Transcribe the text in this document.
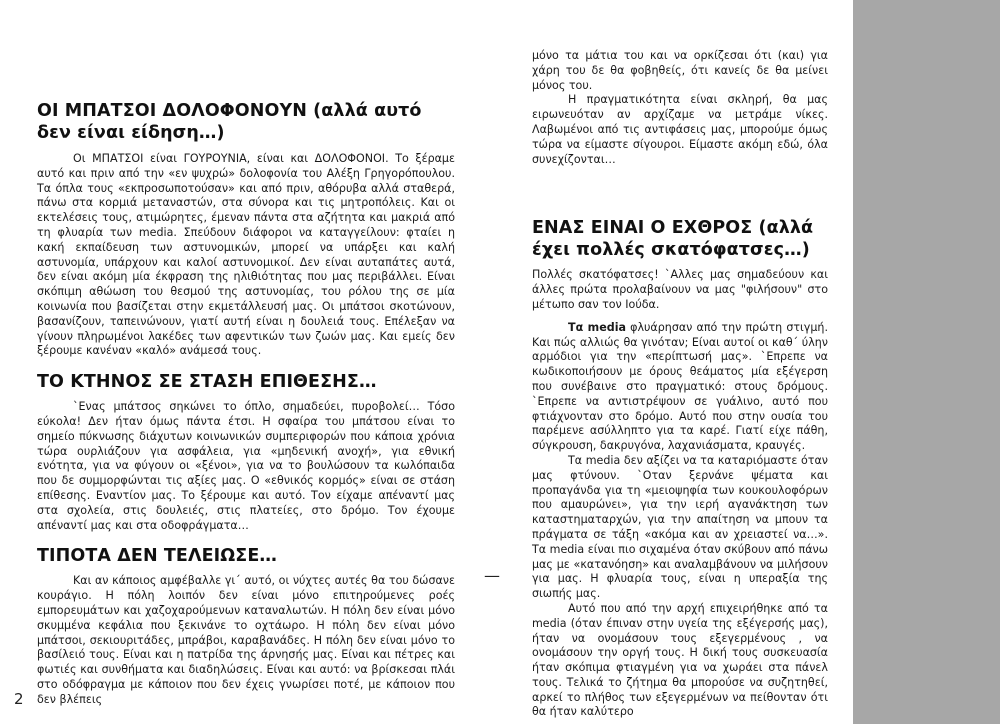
ΟΙ ΜΠΑΤΣΟΙ ΔΟΛΟΦΟΝΟΥΝ (αλλά αυτό δεν είναι είδηση…)

Οι ΜΠΑΤΣΟΙ είναι ΓΟΥΡΟΥΝΙΑ, είναι και ΔΟΛΟΦΟΝΟΙ. Το ξέραμε αυτό και πριν από την «εν ψυχρώ» δολοφονία του Αλέξη Γρηγορόπουλου. Τα όπλα τους «εκπροσωποτούσαν» και από πριν, αθόρυβα αλλά σταθερά, πάνω στα κορμιά μεταναστών, στα σύνορα και τις μητροπόλεις. Και οι εκτελέσεις τους, ατιμώρητες, έμεναν πάντα στα αζήτητα και μακριά από τη φλυαρία των media. Σπεύδουν διάφοροι να καταγγείλουν: φταίει η κακή εκπαίδευση των αστυνομικών, μπορεί να υπάρξει και καλή αστυνομία, υπάρχουν και καλοί αστυνομικοί. Δεν είναι αυταπάτες αυτά, δεν είναι ακόμη μία έκφραση της ηλιθιότητας που μας περιβάλλει. Είναι σκόπιμη αθώωση του θεσμού της αστυνομίας, του ρόλου της σε μία κοινωνία που βασίζεται στην εκμετάλλευσή μας. Οι μπάτσοι σκοτώνουν, βασανίζουν, ταπεινώνουν, γιατί αυτή είναι η δουλειά τους. Επέλεξαν να γίνουν πληρωμένοι λακέδες των αφεντικών των ζωών μας. Και εμείς δεν ξέρουμε κανέναν «καλό» ανάμεσά τους.

ΤΟ ΚΤΗΝΟΣ ΣΕ ΣΤΑΣΗ ΕΠΙΘΕΣΗΣ…

`Ενας μπάτσος σηκώνει το όπλο, σημαδεύει, πυροβολεί… Τόσο εύκολα! Δεν ήταν όμως πάντα έτσι. Η σφαίρα του μπάτσου είναι το σημείο πύκνωσης διάχυτων κοινωνικών συμπεριφορών που κάποια χρόνια τώρα ουρλιάζουν για ασφάλεια, για «μηδενική ανοχή», για εθνική ενότητα, για να φύγουν οι «ξένοι», για να το βουλώσουν τα κωλόπαιδα που δε συμμορφώνται τις αξίες μας. Ο «εθνικός κορμός» είναι σε στάση επίθεσης. Εναντίον μας. Το ξέρουμε και αυτό. Τον είχαμε απέναντί μας στα σχολεία, στις δουλειές, στις πλατείες, στο δρόμο. Τον έχουμε απέναντί μας και στα οδοφράγματα…

ΤΙΠΟΤΑ ΔΕΝ ΤΕΛΕΙΩΣΕ…

Και αν κάποιος αμφέβαλλε γι΄ αυτό, οι νύχτες αυτές θα του δώσανε κουράγιο. Η πόλη λοιπόν δεν είναι μόνο επιτηρούμενες ροές εμπορευμάτων και χαζοχαρούμενων καταναλωτών. Η πόλη δεν είναι μόνο σκυμμένα κεφάλια που ξεκινάνε το οχτάωρο. Η πόλη δεν είναι μόνο μπάτσοι, σεκιουριτάδες, μπράβοι, καραβανάδες. Η πόλη δεν είναι μόνο το βασίλειό τους. Είναι και η πατρίδα της άρνησής μας. Είναι και πέτρες και φωτιές και συνθήματα και διαδηλώσεις. Είναι και αυτό: να βρίσκεσαι πλάι στο οδόφραγμα με κάποιον που δεν έχεις γνωρίσει ποτέ, με κάποιον που δεν βλέπεις

—

μόνο τα μάτια του και να ορκίζεσαι ότι (και) για χάρη του δε θα φοβηθείς, ότι κανείς δε θα μείνει μόνος του.

Η πραγματικότητα είναι σκληρή, θα μας ειρωνευόταν αν αρχίζαμε να μετράμε νίκες. Λαβωμένοι από τις αντιφάσεις μας, μπορούμε όμως τώρα να είμαστε σίγουροι. Είμαστε ακόμη εδώ, όλα συνεχίζονται…

ΕΝΑΣ ΕΙΝΑΙ Ο ΕΧΘΡΟΣ (αλλά έχει πολλές σκατόφατσες…)

Πολλές σκατόφατσες! `Αλλες μας σημαδεύουν και άλλες πρώτα προλαβαίνουν να μας "φιλήσουν" στο μέτωπο σαν τον Ιούδα.

Τα media φλυάρησαν από την πρώτη στιγμή. Και πώς αλλιώς θα γινόταν; Είναι αυτοί οι καθ΄ ύλην αρμόδιοι για την «περίπτωσή μας». `Επρεπε να κωδικοποιήσουν με όρους θεάματος μία εξέγερση που συνέβαινε στο πραγματικό: στους δρόμους. `Επρεπε να αντιστρέψουν σε γυάλινο, αυτό που φτιάχνονταν στο δρόμο. Αυτό που στην ουσία του παρέμενε ασύλληπτο για τα καρέ. Γιατί είχε πάθη, σύγκρουση, δακρυγόνα, λαχανιάσματα, κραυγές.

Τα media δεν αξίζει να τα καταριόμαστε όταν μας φτύνουν. `Οταν ξερνάνε ψέματα και προπαγάνδα για τη «μειοψηφία των κουκουλοφόρων που αμαυρώνει», για την ιερή αγανάκτηση των καταστηματαρχών, για την απαίτηση να μπουν τα πράγματα σε τάξη «ακόμα και αν χρειαστεί να…». Τα media είναι πιο σιχαμένα όταν σκύβουν από πάνω μας με «κατανόηση» και αναλαμβάνουν να μιλήσουν για μας. Η φλυαρία τους, είναι η υπεραξία της σιωπής μας.

Αυτό που από την αρχή επιχειρήθηκε από τα media (όταν έπιναν στην υγεία της εξέγερσής μας), ήταν να ονομάσουν τους εξεγερμένους , να ονομάσουν την οργή τους. Η δική τους συσκευασία ήταν σκόπιμα φτιαγμένη για να χωράει στα πάνελ τους. Τελικά το ζήτημα θα μπορούσε να συζητηθεί, αρκεί το πλήθος των εξεγερμένων να πείθονταν ότι θα ήταν καλύτερο

2
